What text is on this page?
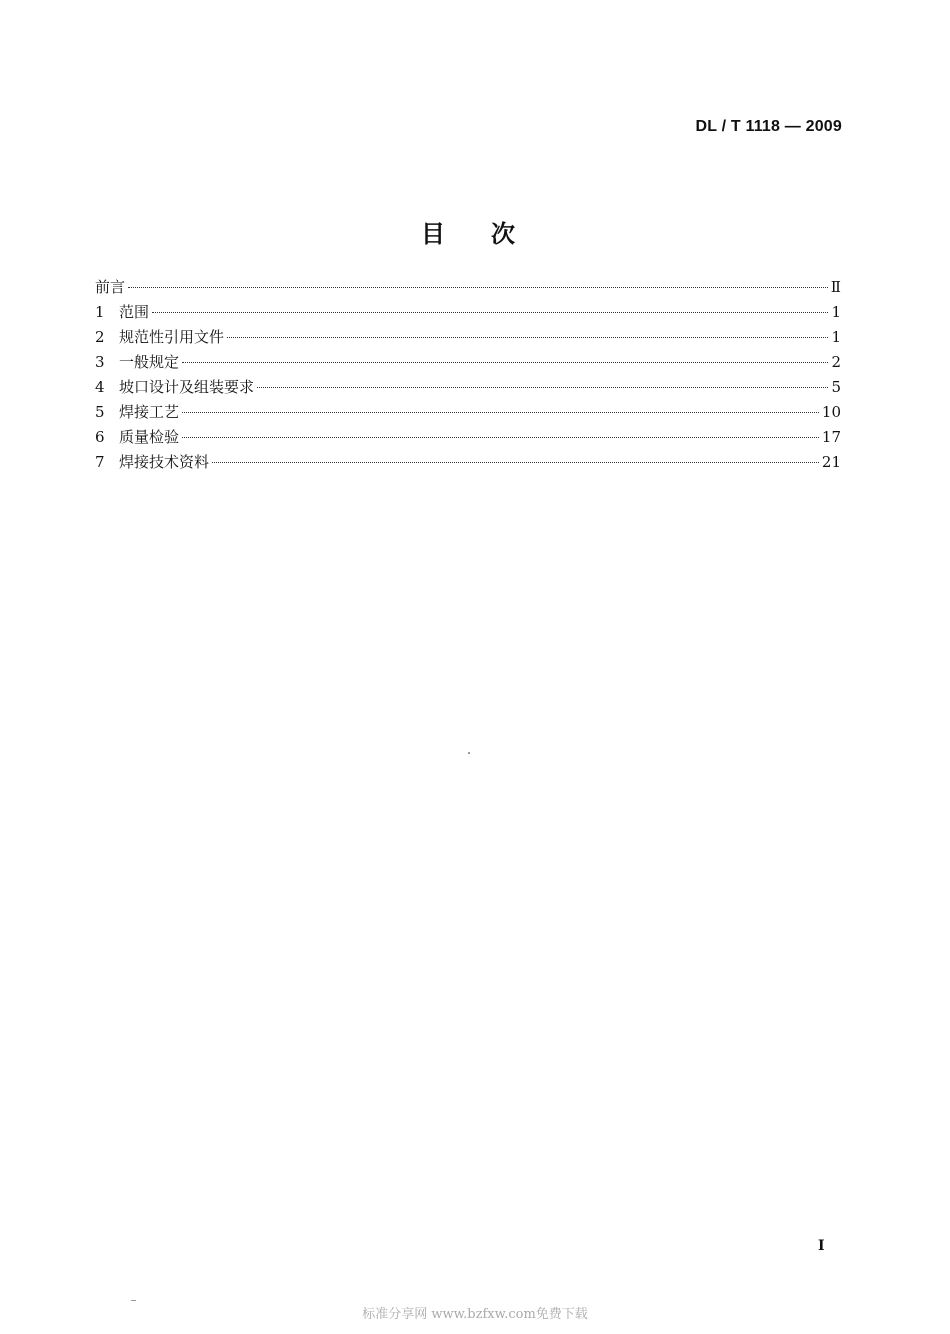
DL / T 1118 — 2009
目次
前言	Ⅱ
1 范围	1
2 规范性引用文件	1
3 一般规定	2
4 坡口设计及组装要求	5
5 焊接工艺	10
6 质量检验	17
7 焊接技术资料	21
I
标准分享网 www.bzfxw.com免费下载
